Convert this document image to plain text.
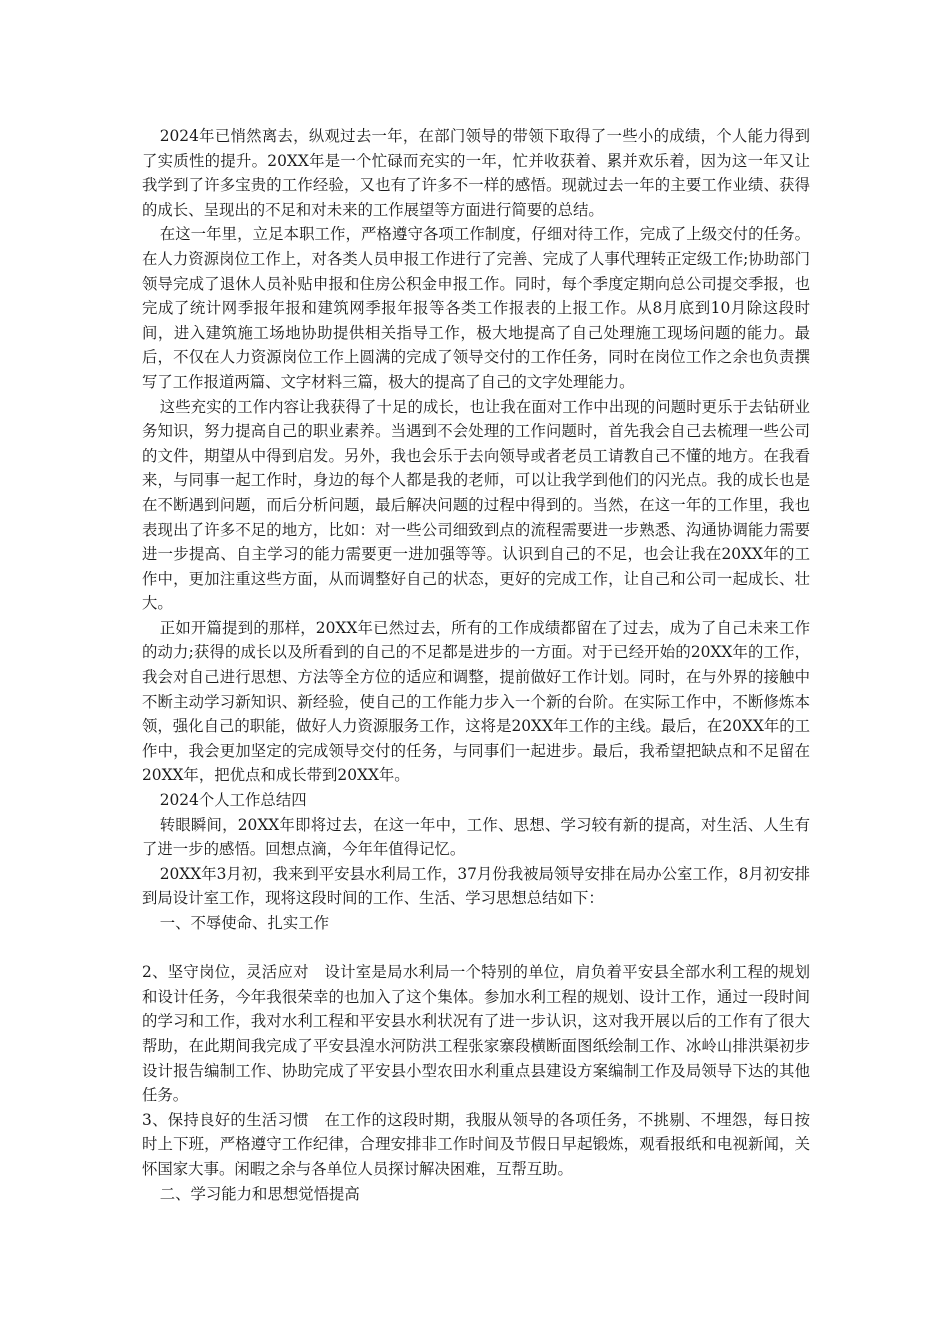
2024年已悄然离去，纵观过去一年，在部门领导的带领下取得了一些小的成绩，个人能力得到了实质性的提升。20XX年是一个忙碌而充实的一年，忙并收获着、累并欢乐着，因为这一年又让我学到了许多宝贵的工作经验，又也有了许多不一样的感悟。现就过去一年的主要工作业绩、获得的成长、呈现出的不足和对未来的工作展望等方面进行简要的总结。

在这一年里，立足本职工作，严格遵守各项工作制度，仔细对待工作，完成了上级交付的任务。在人力资源岗位工作上，对各类人员申报工作进行了完善、完成了人事代理转正定级工作;协助部门领导完成了退休人员补贴申报和住房公积金申报工作。同时，每个季度定期向总公司提交季报，也完成了统计网季报年报和建筑网季报年报等各类工作报表的上报工作。从8月底到10月除这段时间，进入建筑施工场地协助提供相关指导工作，极大地提高了自己处理施工现场问题的能力。最后，不仅在人力资源岗位工作上圆满的完成了领导交付的工作任务，同时在岗位工作之余也负责撰写了工作报道两篇、文字材料三篇，极大的提高了自己的文字处理能力。

这些充实的工作内容让我获得了十足的成长，也让我在面对工作中出现的问题时更乐于去钻研业务知识，努力提高自己的职业素养。当遇到不会处理的工作问题时，首先我会自己去梳理一些公司的文件，期望从中得到启发。另外，我也会乐于去向领导或者老员工请教自己不懂的地方。在我看来，与同事一起工作时，身边的每个人都是我的老师，可以让我学到他们的闪光点。我的成长也是在不断遇到问题，而后分析问题，最后解决问题的过程中得到的。当然，在这一年的工作里，我也表现出了许多不足的地方，比如：对一些公司细致到点的流程需要进一步熟悉、沟通协调能力需要进一步提高、自主学习的能力需要更一进加强等等。认识到自己的不足，也会让我在20XX年的工作中，更加注重这些方面，从而调整好自己的状态，更好的完成工作，让自己和公司一起成长、壮大。

正如开篇提到的那样，20XX年已然过去，所有的工作成绩都留在了过去，成为了自己未来工作的动力;获得的成长以及所看到的自己的不足都是进步的一方面。对于已经开始的20XX年的工作，我会对自己进行思想、方法等全方位的适应和调整，提前做好工作计划。同时，在与外界的接触中不断主动学习新知识、新经验，使自己的工作能力步入一个新的台阶。在实际工作中，不断修炼本领，强化自己的职能，做好人力资源服务工作，这将是20XX年工作的主线。最后，在20XX年的工作中，我会更加坚定的完成领导交付的任务，与同事们一起进步。最后，我希望把缺点和不足留在20XX年，把优点和成长带到20XX年。

2024个人工作总结四

转眼瞬间，20XX年即将过去，在这一年中，工作、思想、学习较有新的提高，对生活、人生有了进一步的感悟。回想点滴，今年年值得记忆。

20XX年3月初，我来到平安县水利局工作，37月份我被局领导安排在局办公室工作，8月初安排到局设计室工作，现将这段时间的工作、生活、学习思想总结如下：

一、不辱使命、扎实工作

2、坚守岗位，灵活应对　设计室是局水利局一个特别的单位，肩负着平安县全部水利工程的规划和设计任务，今年我很荣幸的也加入了这个集体。参加水利工程的规划、设计工作，通过一段时间的学习和工作，我对水利工程和平安县水利状况有了进一步认识，这对我开展以后的工作有了很大帮助，在此期间我完成了平安县湟水河防洪工程张家寨段横断面图纸绘制工作、冰岭山排洪渠初步设计报告编制工作、协助完成了平安县小型农田水利重点县建设方案编制工作及局领导下达的其他任务。

3、保持良好的生活习惯　在工作的这段时期，我服从领导的各项任务，不挑剔、不埋怨，每日按时上下班，严格遵守工作纪律，合理安排非工作时间及节假日早起锻炼，观看报纸和电视新闻，关怀国家大事。闲暇之余与各单位人员探讨解决困难，互帮互助。

二、学习能力和思想觉悟提高
